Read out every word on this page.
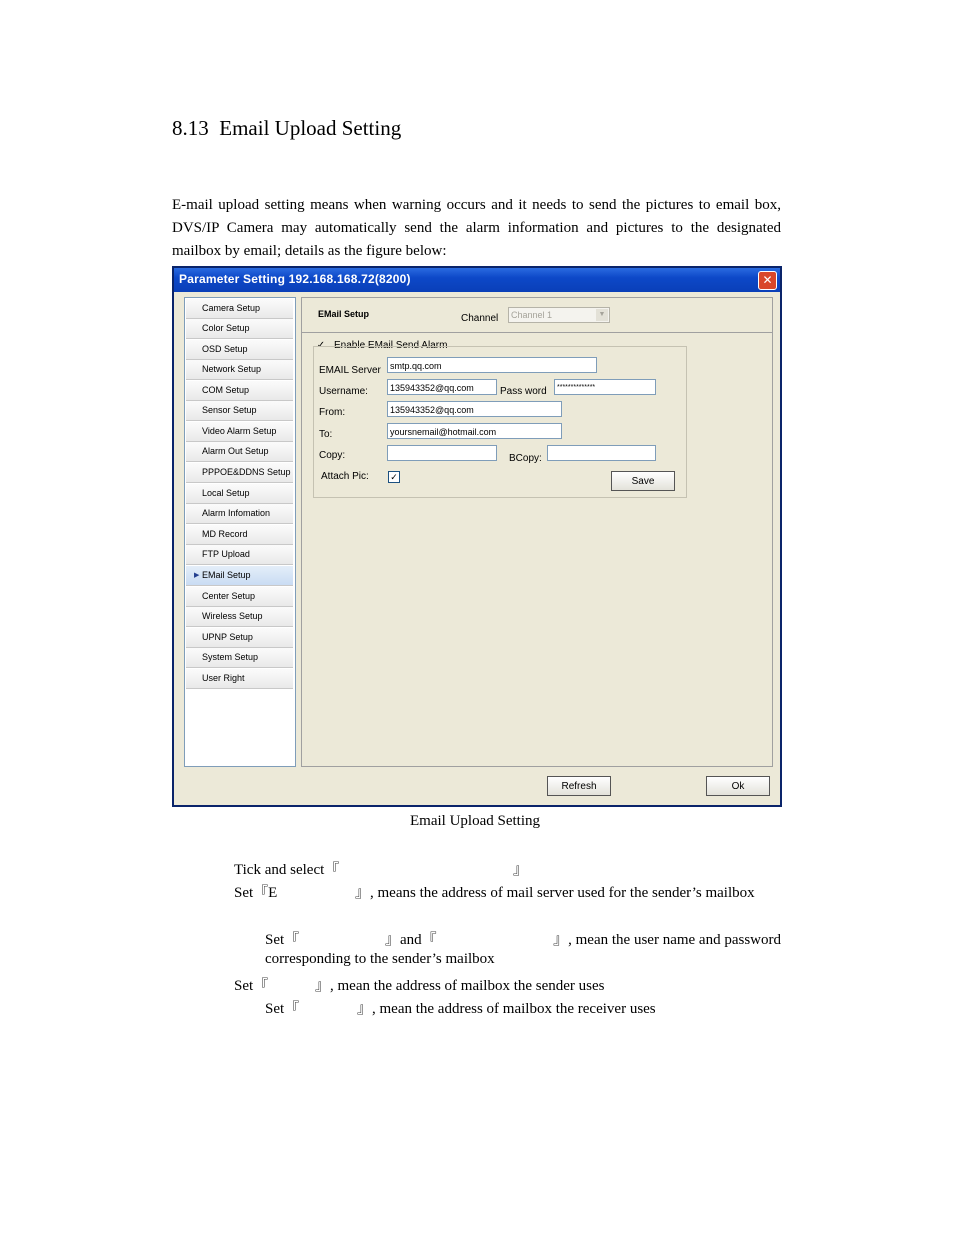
8.13 Email Upload Setting
E-mail upload setting means when warning occurs and it needs to send the pictures to email box,
DVS/IP Camera may automatically send the alarm information and pictures to the designated
mailbox by email; details as the figure below:
Parameter Setting 192.168.168.72(8200)	✕
Camera Setup
Color Setup
OSD Setup
Network Setup
COM Setup
Sensor Setup
Video Alarm Setup
Alarm Out Setup
PPPOE&DDNS Setup
Local Setup
Alarm Infomation
MD Record
FTP Upload
▶ EMail Setup
Center Setup
Wireless Setup
UPNP Setup
System Setup
User Right
EMail Setup	Channel	Channel 1	▼
✓ Enable EMail Send Alarm
EMAIL Server	smtp.qq.com
Username:	135943352@qq.com	Pass word	**************
From:	135943352@qq.com
To:	yoursnemail@hotmail.com
Copy:	BCopy:
Attach Pic: ✓	Save
Refresh	Ok
Email Upload Setting
Tick and select『	』
Set『E	』, means the address of mail server used for the sender’s mailbox
Set『	』and『	』, mean the user name and password
corresponding to the sender’s mailbox
Set『	』, mean the address of mailbox the sender uses
Set『	』, mean the address of mailbox the receiver uses
